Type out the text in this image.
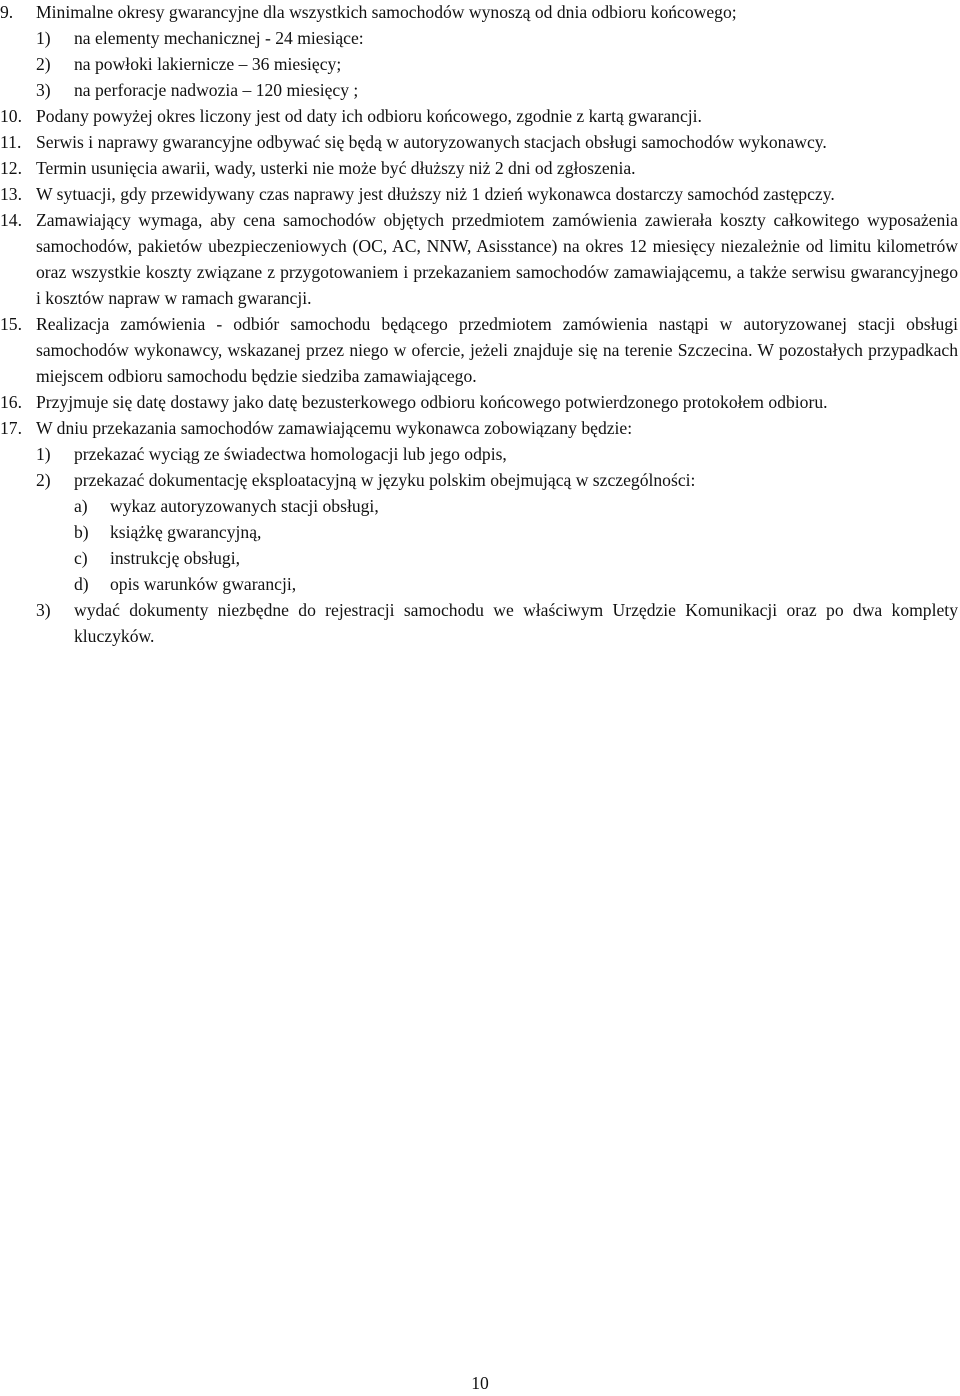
9. Minimalne okresy gwarancyjne dla wszystkich samochodów wynoszą od dnia odbioru końcowego;
1) na elementy mechanicznej - 24 miesiące:
2) na powłoki lakiernicze – 36 miesięcy;
3) na perforacje nadwozia – 120 miesięcy ;
10. Podany powyżej okres liczony jest od daty ich odbioru końcowego, zgodnie z kartą gwarancji.
11. Serwis i naprawy gwarancyjne odbywać się będą w autoryzowanych stacjach obsługi samochodów wykonawcy.
12. Termin usunięcia awarii, wady, usterki nie może być dłuższy niż 2 dni od zgłoszenia.
13. W sytuacji, gdy przewidywany czas naprawy jest dłuższy niż 1 dzień wykonawca dostarczy samochód zastępczy.
14. Zamawiający wymaga, aby cena samochodów objętych przedmiotem zamówienia zawierała koszty całkowitego wyposażenia samochodów, pakietów ubezpieczeniowych (OC, AC, NNW, Asisstance) na okres 12 miesięcy niezależnie od limitu kilometrów oraz wszystkie koszty związane z przygotowaniem i przekazaniem samochodów zamawiającemu, a także serwisu gwarancyjnego i kosztów napraw w ramach gwarancji.
15. Realizacja zamówienia - odbiór samochodu będącego przedmiotem zamówienia nastąpi w autoryzowanej stacji obsługi samochodów wykonawcy, wskazanej przez niego w ofercie, jeżeli znajduje się na terenie Szczecina. W pozostałych przypadkach miejscem odbioru samochodu będzie siedziba zamawiającego.
16. Przyjmuje się datę dostawy jako datę bezusterkowego odbioru końcowego potwierdzonego protokołem odbioru.
17. W dniu przekazania samochodów zamawiającemu wykonawca zobowiązany będzie:
1) przekazać wyciąg ze świadectwa homologacji lub jego odpis,
2) przekazać dokumentację eksploatacyjną w języku polskim obejmującą w szczególności:
a) wykaz autoryzowanych stacji obsługi,
b) książkę gwarancyjną,
c) instrukcję obsługi,
d) opis warunków gwarancji,
3) wydać dokumenty niezbędne do rejestracji samochodu we właściwym Urzędzie Komunikacji oraz po dwa komplety kluczyków.
10
